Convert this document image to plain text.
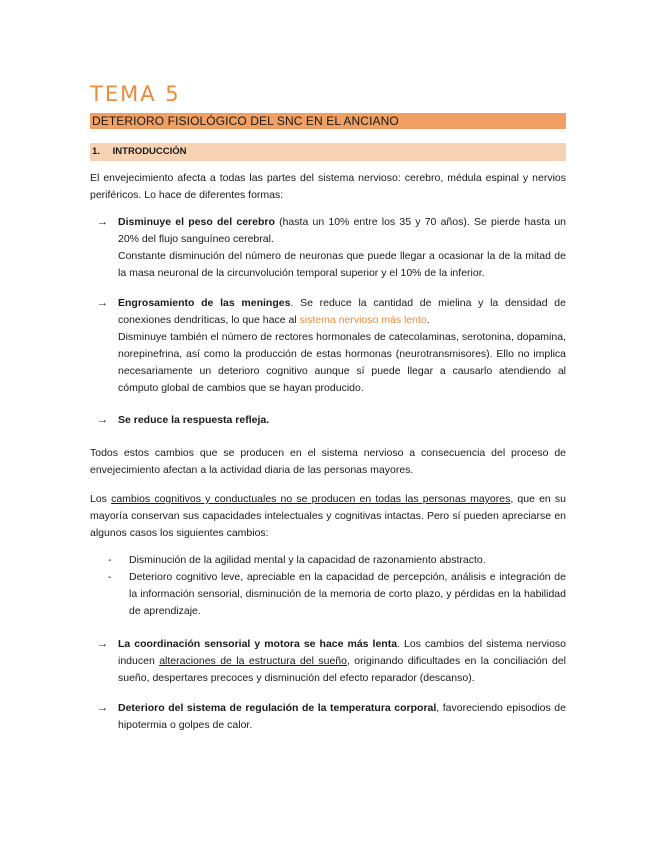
TEMA 5
DETERIORO FISIOLÓGICO DEL SNC EN EL ANCIANO
1. INTRODUCCIÓN
El envejecimiento afecta a todas las partes del sistema nervioso: cerebro, médula espinal y nervios periféricos. Lo hace de diferentes formas:
→ Disminuye el peso del cerebro (hasta un 10% entre los 35 y 70 años). Se pierde hasta un 20% del flujo sanguíneo cerebral.
Constante disminución del número de neuronas que puede llegar a ocasionar la de la mitad de la masa neuronal de la circunvolución temporal superior y el 10% de la inferior.
→ Engrosamiento de las meninges. Se reduce la cantidad de mielina y la densidad de conexiones dendríticas, lo que hace al sistema nervioso más lento.
Disminuye también el número de rectores hormonales de catecolaminas, serotonina, dopamina, norepinefrina, así como la producción de estas hormonas (neurotransmisores). Ello no implica necesariamente un deterioro cognitivo aunque sí puede llegar a causarlo atendiendo al cómputo global de cambios que se hayan producido.
→ Se reduce la respuesta refleja.
Todos estos cambios que se producen en el sistema nervioso a consecuencia del proceso de envejecimiento afectan a la actividad diaria de las personas mayores.
Los cambios cognitivos y conductuales no se producen en todas las personas mayores, que en su mayoría conservan sus capacidades intelectuales y cognitivas intactas. Pero sí pueden apreciarse en algunos casos los siguientes cambios:
- Disminución de la agilidad mental y la capacidad de razonamiento abstracto.
- Deterioro cognitivo leve, apreciable en la capacidad de percepción, análisis e integración de la información sensorial, disminución de la memoria de corto plazo, y pérdidas en la habilidad de aprendizaje.
→ La coordinación sensorial y motora se hace más lenta. Los cambios del sistema nervioso inducen alteraciones de la estructura del sueño, originando dificultades en la conciliación del sueño, despertares precoces y disminución del efecto reparador (descanso).
→ Deterioro del sistema de regulación de la temperatura corporal, favoreciendo episodios de hipotermia o golpes de calor.
